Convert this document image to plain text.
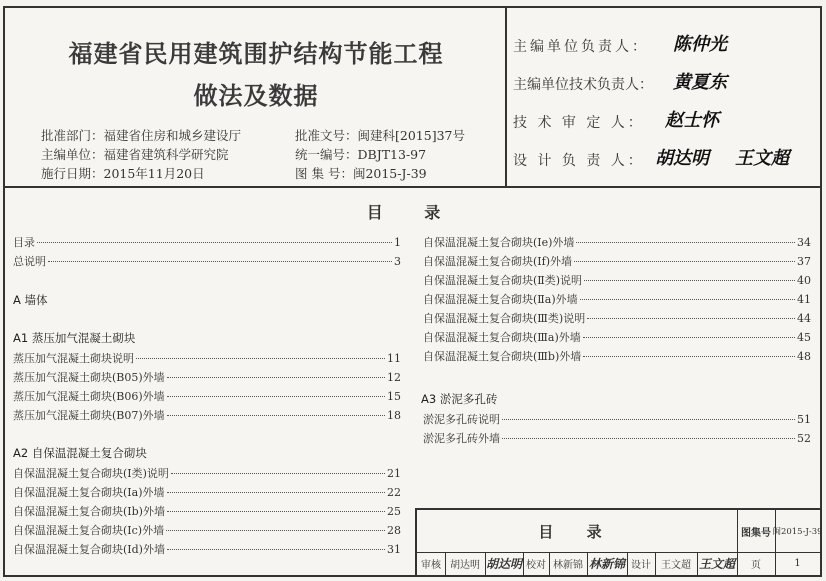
福建省民用建筑围护结构节能工程
做法及数据
批准部门：福建省住房和城乡建设厅	批准文号：闽建科[2015]37号
主编单位：福建省建筑科学研究院	统一编号：DBJT13-97
施行日期：2015年11月20日	图 集 号：闽2015-J-39
主编单位负责人： 陈仲光
主编单位技术负责人： 黄夏东
技 术 审 定 人： 赵士怀
设 计 负 责 人： 胡达明 王文超
目 录
目录	1
总说明	3
A 墙体
A1 蒸压加气混凝土砌块
蒸压加气混凝土砌块说明	11
蒸压加气混凝土砌块(B05)外墙	12
蒸压加气混凝土砌块(B06)外墙	15
蒸压加气混凝土砌块(B07)外墙	18
A2 自保温混凝土复合砌块
自保温混凝土复合砌块(Ⅰ类)说明	21
自保温混凝土复合砌块(Ⅰa)外墙	22
自保温混凝土复合砌块(Ⅰb)外墙	25
自保温混凝土复合砌块(Ⅰc)外墙	28
自保温混凝土复合砌块(Ⅰd)外墙	31
自保温混凝土复合砌块(Ⅰe)外墙	34
自保温混凝土复合砌块(Ⅰf)外墙	37
自保温混凝土复合砌块(Ⅱ类)说明	40
自保温混凝土复合砌块(Ⅱa)外墙	41
自保温混凝土复合砌块(Ⅲ类)说明	44
自保温混凝土复合砌块(Ⅲa)外墙	45
自保温混凝土复合砌块(Ⅲb)外墙	48
A3 淤泥多孔砖
淤泥多孔砖说明	51
淤泥多孔砖外墙	52
目 录	图集号 闽2015-J-39
审核 胡达明 胡达明 校对 林新锦 林新锦 设计	王文超 王文超	页	1
